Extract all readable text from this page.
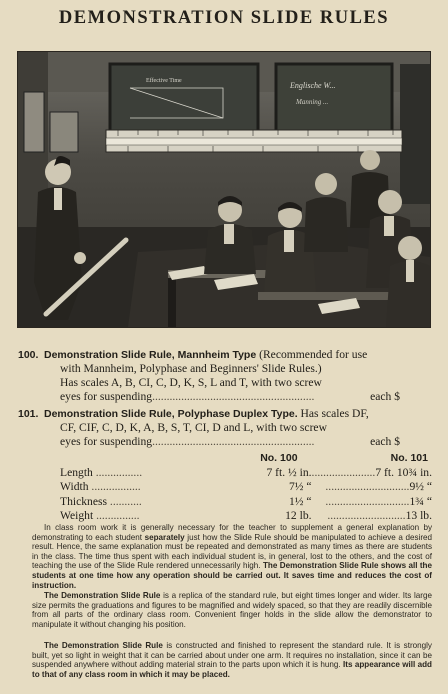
DEMONSTRATION SLIDE RULES
Effective Time	Englische W...
Manning ...
100. Demonstration Slide Rule, Mannheim Type (Recommended for use
with Mannheim, Polyphase and Beginners' Slide Rules.)
Has scales A, B, CI, C, D, K, S, L and T, with two screw
eyes for suspending........................................................	each $
101. Demonstration Slide Rule, Polyphase Duplex Type. Has scales DF,
CF, CIF, C, D, K, A, B, S, T, CI, D and L, with two screw
eyes for suspending........................................................	each $
	No. 100	No. 101
Length ................	7 ft. ½ in.	......................7 ft. 10¾ in.
Width .................	7½ “	.............................9½ “
Thickness ...........	1½ “	.............................1¾ “
Weight ...............	12 lb.	...........................13 lb.
In class room work it is generally necessary for the teacher to supplement a general explanation by demonstrating to each student separately just how the Slide Rule should be manipulated to achieve a desired result. Hence, the same explanation must be repeated and demonstrated as many times as there are students in the class. The time thus spent with each individual student is, in general, lost to the others, and the cost of teaching the use of the Slide Rule rendered unnecessarily high. The Demonstration Slide Rule shows all the students at one time how any operation should be carried out. It saves time and reduces the cost of instruction.
The Demonstration Slide Rule is a replica of the standard rule, but eight times longer and wider. Its large size permits the graduations and figures to be magnified and widely spaced, so that they are readily discernible from all parts of the ordinary class room. Convenient finger holds in the slide allow the demonstrator to manipulate it without changing his position.
The Demonstration Slide Rule is constructed and finished to represent the standard rule. It is strongly built, yet so light in weight that it can be carried about under one arm. It requires no installation, since it can be suspended anywhere without adding material strain to the parts upon which it is hung. Its appearance will add to that of any class room in which it may be placed.
